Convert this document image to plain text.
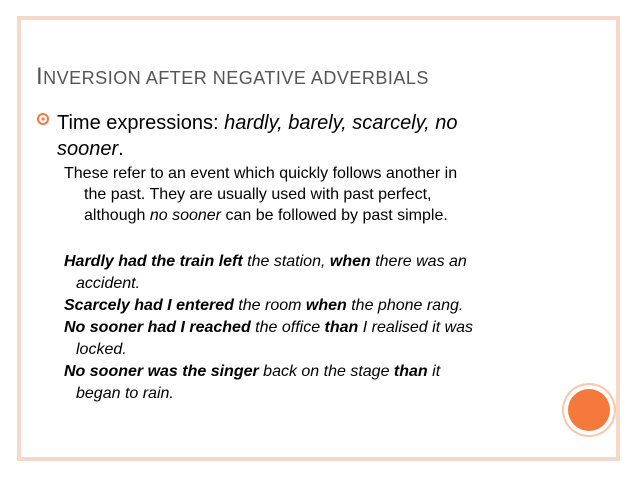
INVERSION AFTER NEGATIVE ADVERBIALS
Time expressions: hardly, barely, scarcely, no
sooner.
These refer to an event which quickly follows another in
the past. They are usually used with past perfect,
although no sooner can be followed by past simple.
Hardly had the train left the station, when there was an
accident.
Scarcely had I entered the room when the phone rang.
No sooner had I reached the office than I realised it was
locked.
No sooner was the singer back on the stage than it
began to rain.
